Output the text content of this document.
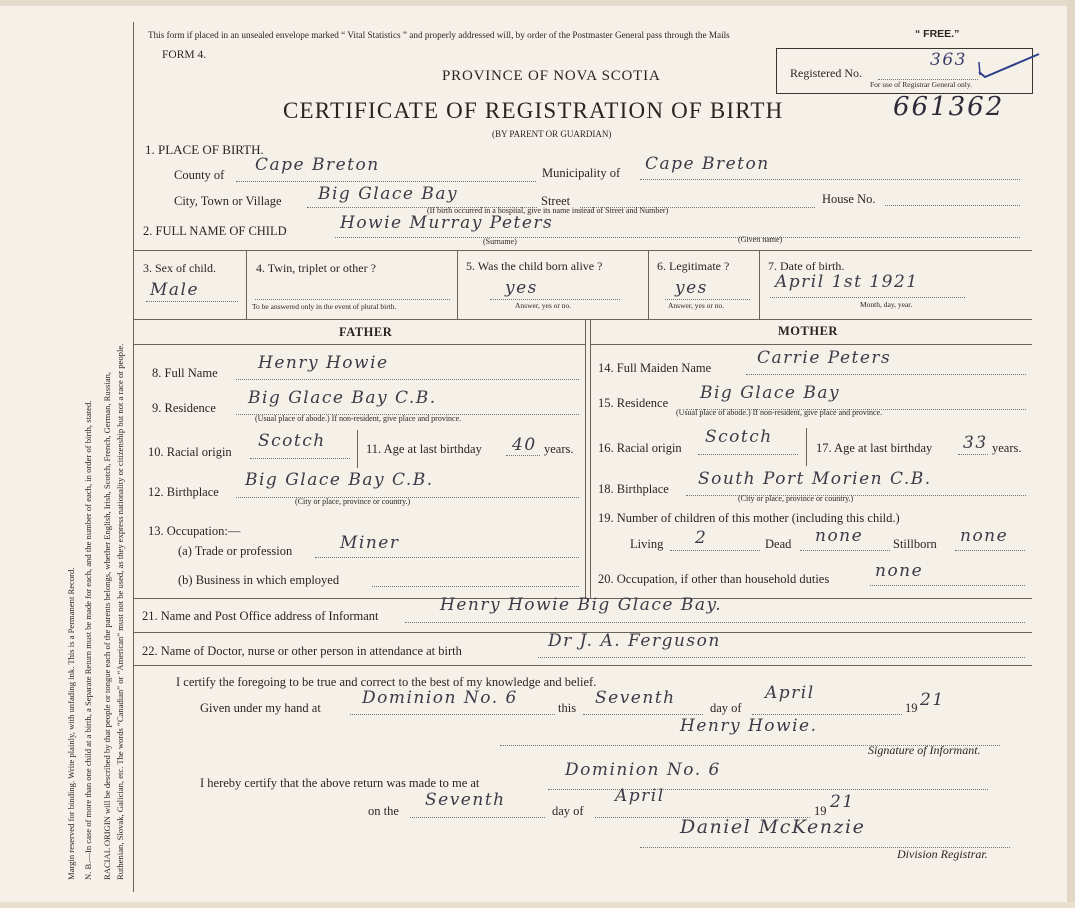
Margin reserved for binding. Write plainly, with unfading ink. This is a Permanent Record. N. B.—In case of more than one child at a birth, a Separate Return must be made for each, and the number of each, in order of birth, stated. RACIAL ORIGIN will be described by that people or tongue each of the parents belongs, whether English, Irish, Scotch, French, German, Russian, Ruthenian, Slovak, Galician, etc. The words “Canadian” or “American” must not be used, as they express nationality or citizenship but not a race or people.
This form if placed in an unsealed envelope marked “ Vital Statistics ” and properly addressed will, by order of the Postmaster General pass through the Mails	“ FREE.”
FORM 4.
PROVINCE OF NOVA SCOTIA
CERTIFICATE OF REGISTRATION OF BIRTH	661362
(BY PARENT OR GUARDIAN)
Registered No.
363
For use of Registrar General only.
1. PLACE OF BIRTH.
County of Cape Breton	Municipality of Cape Breton
City, Town or Village Big Glace Bay	Street	House No.
(If birth occurred in a hospital, give its name instead of Street and Number)
2. FULL NAME OF CHILD	Howie Murray Peters
(Surname)	(Given name)
3. Sex of child.
Male
4. Twin, triplet or other ?
To be answered only in the event of plural birth.
5. Was the child born alive ?
yes
Answer, yes or no.
6. Legitimate ?
yes
Answer, yes or no.
7. Date of birth.
April 1st 1921
Month, day, year.
FATHER	MOTHER
8. Full Name Henry Howie
9. Residence Big Glace Bay C.B.
(Usual place of abode.) If non-resident, give place and province.
10. Racial origin
Scotch	11. Age at last birthday 40 years.
12. Birthplace
Big Glace Bay C.B.
(City or place, province or country.)
13. Occupation:—
(a) Trade or profession	Miner
(b) Business in which employed
14. Full Maiden Name	Carrie Peters
15. Residence Big Glace Bay
(Usual place of abode.) If non-resident, give place and province.
16. Racial origin
Scotch
17. Age at last birthday 33 years.
18. Birthplace South Port Morien C.B.
(City or place, province or country.)
19. Number of children of this mother (including this child.)
Living 2	Dead none Stillborn none
20. Occupation, if other than household duties	none
21. Name and Post Office address of Informant
Henry Howie Big Glace Bay.
22. Name of Doctor, nurse or other person in attendance at birth	Dr J. A. Ferguson
I certify the foregoing to be true and correct to the best of my knowledge and belief.
Given under my hand at Dominion No. 6	this Seventh	day of
April
19 21
Henry Howie.
Signature of Informant.
I hereby certify that the above return was made to me at
Dominion No. 6
on the
Seventh
day of
April
19 21
Daniel McKenzie
Division Registrar.
